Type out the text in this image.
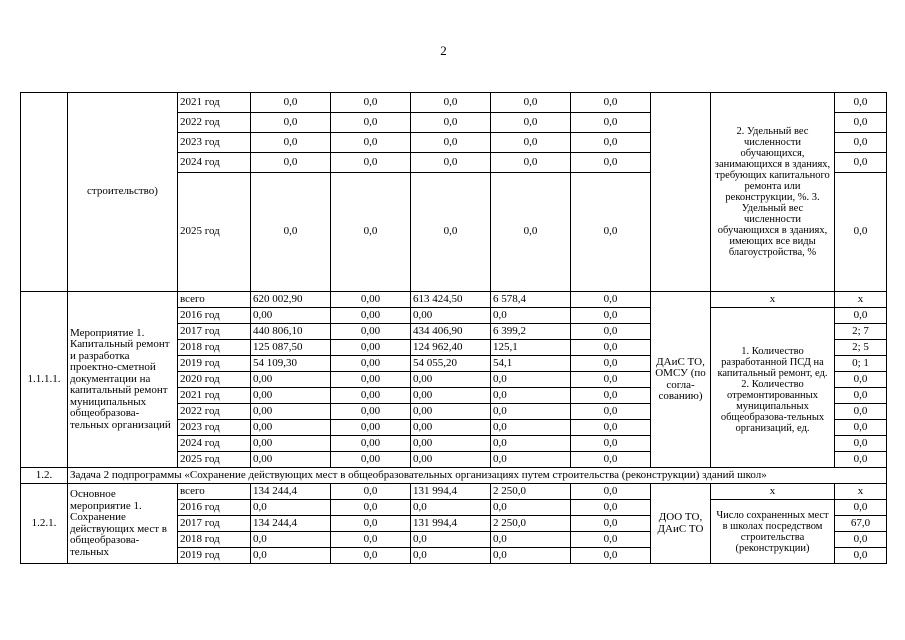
2
	строительство)	2021 год	0,0	0,0	0,0	0,0	0,0		2. Удельный вес численности обучающихся, занимающихся в зданиях, требующих капитального ремонта или реконструкции, %. 3. Удельный вес численности обучающихся в зданиях, имеющих все виды благоустройства, %	0,0
		2022 год	0,0	0,0	0,0	0,0	0,0			0,0
		2023 год	0,0	0,0	0,0	0,0	0,0			0,0
		2024 год	0,0	0,0	0,0	0,0	0,0			0,0
		2025 год	0,0	0,0	0,0	0,0	0,0			0,0
1.1.1.1.	Мероприятие 1. Капитальный ремонт и разработка проектно-сметной документации на капитальный ремонт муниципальных общеобразова-тельных организаций	всего	620 002,90	0,00	613 424,50	6 578,4	0,0	ДАиС ТО, ОМСУ (по согла-сованию)	x	x
		2016 год	0,00	0,00	0,00	0,0	0,0		1. Количество разработанной ПСД на капитальный ремонт, ед. 2. Количество отремонтированных муниципальных общеобразова-тельных организаций, ед.	0,0
		2017 год	440 806,10	0,00	434 406,90	6 399,2	0,0			2; 7
		2018 год	125 087,50	0,00	124 962,40	125,1	0,0			2; 5
		2019 год	54 109,30	0,00	54 055,20	54,1	0,0			0; 1
		2020 год	0,00	0,00	0,00	0,0	0,0			0,0
		2021 год	0,00	0,00	0,00	0,0	0,0			0,0
		2022 год	0,00	0,00	0,00	0,0	0,0			0,0
		2023 год	0,00	0,00	0,00	0,0	0,0			0,0
		2024 год	0,00	0,00	0,00	0,0	0,0			0,0
		2025 год	0,00	0,00	0,00	0,0	0,0			0,0
1.2.	Задача 2 подпрограммы «Сохранение действующих мест в общеобразовательных организациях путем строительства (реконструкции) зданий школ»									
1.2.1.	Основное мероприятие 1. Сохранение действующих мест в общеобразова-тельных	всего	134 244,4	0,0	131 994,4	2 250,0	0,0	ДОО ТО, ДАиС ТО	x	x
		2016 год	0,0	0,0	0,0	0,0	0,0		Число сохраненных мест в школах посредством строительства (реконструкции)	0,0
		2017 год	134 244,4	0,0	131 994,4	2 250,0	0,0			67,0
		2018 год	0,0	0,0	0,0	0,0	0,0			0,0
		2019 год	0,0	0,0	0,0	0,0	0,0			0,0
